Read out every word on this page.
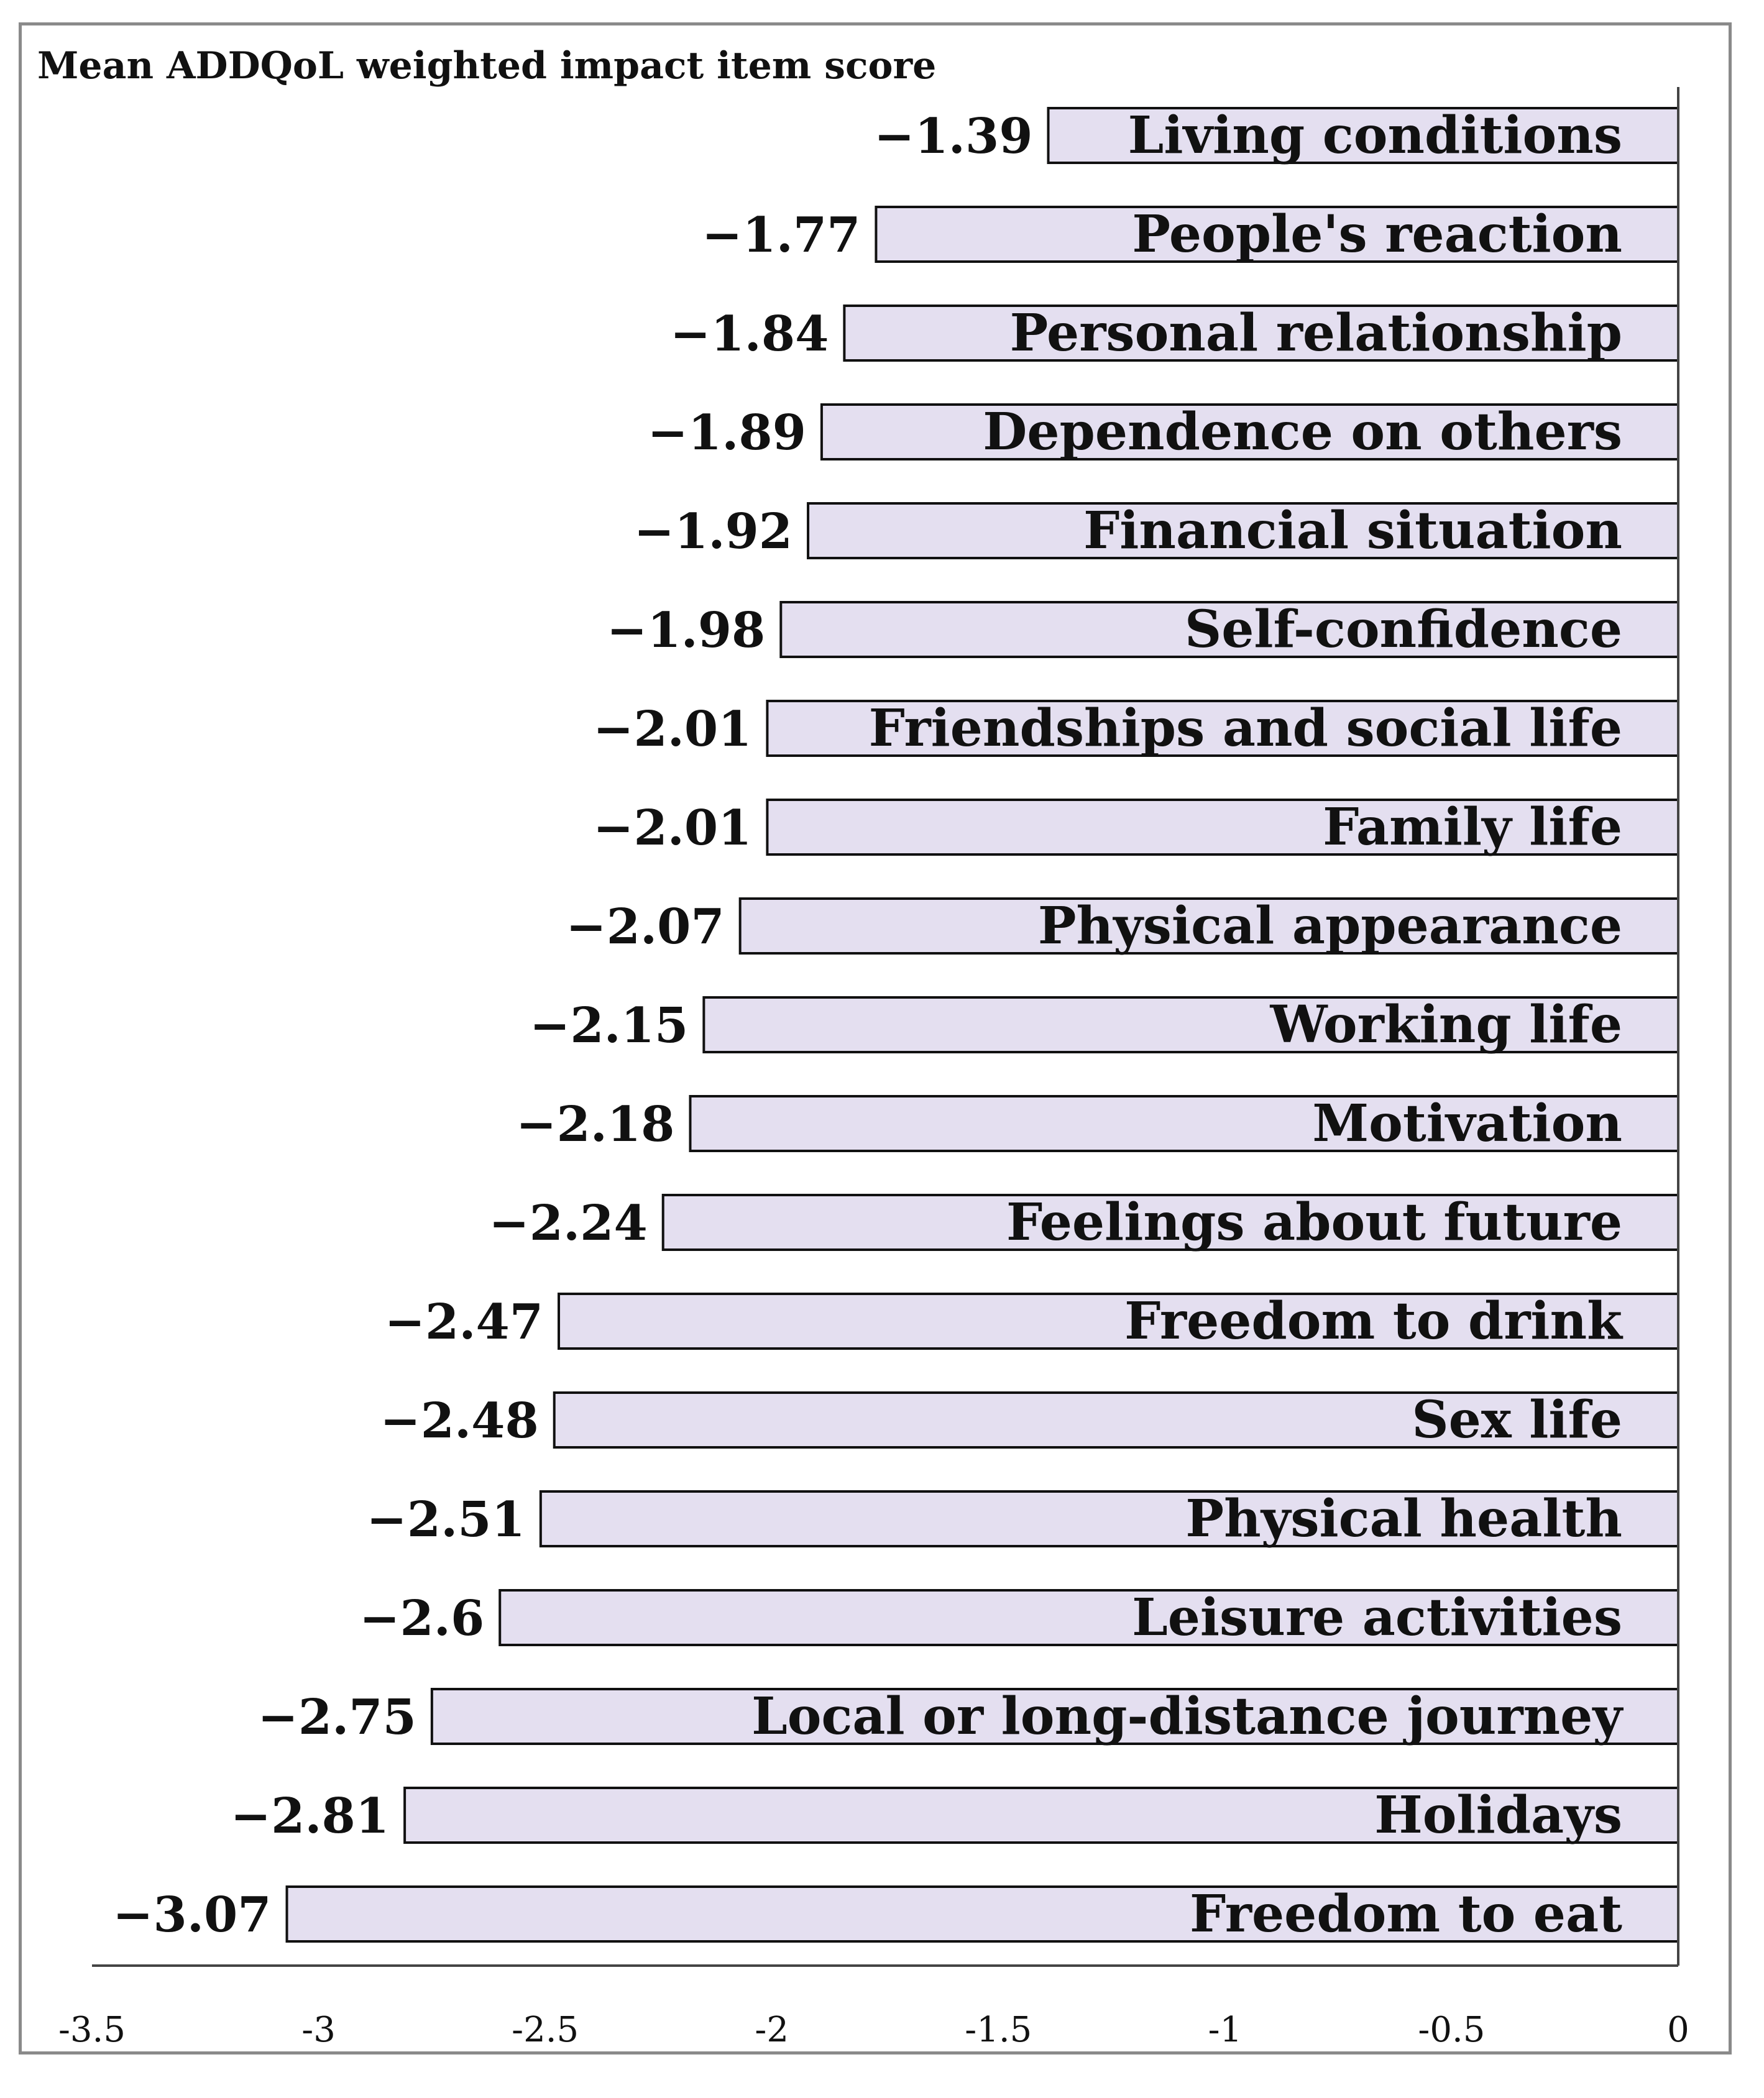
Mean ADDQoL weighted impact item score
Living conditions
−1.39
People's reaction
−1.77
Personal relationship
−1.84
Dependence on others
−1.89
Financial situation
−1.92
Self-confidence
−1.98
Friendships and social life
−2.01
Family life
−2.01
Physical appearance
−2.07
Working life
−2.15
Motivation
−2.18
Feelings about future
−2.24
Freedom to drink
−2.47
Sex life
−2.48
Physical health
−2.51
Leisure activities
−2.6
Local or long-distance journey
−2.75
Holidays
−2.81
Freedom to eat
−3.07
-3.5	-3	-2.5	-2	-1.5	-1	-0.5	0
